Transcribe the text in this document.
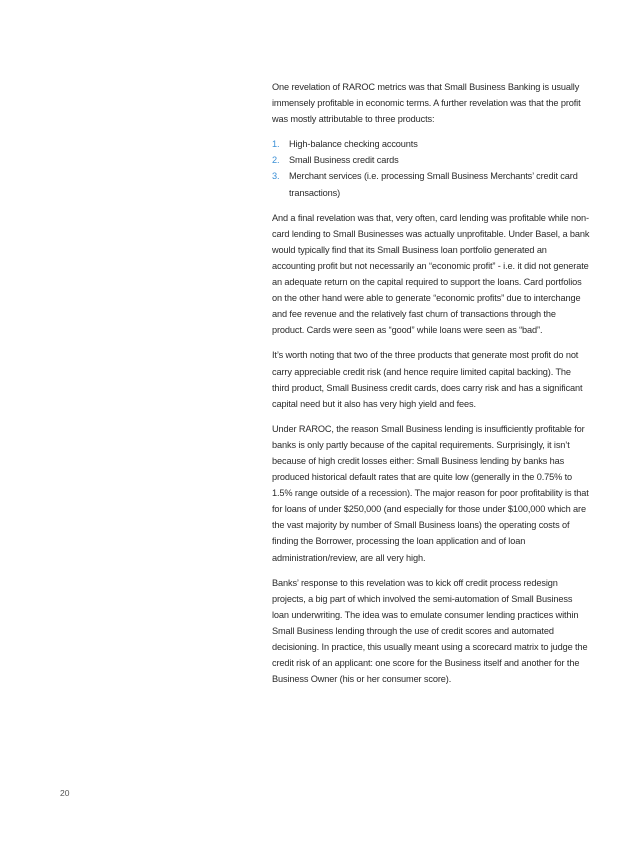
One revelation of RAROC metrics was that Small Business Banking is usually immensely profitable in economic terms. A further revelation was that the profit was mostly attributable to three products:

1. High-balance checking accounts
2. Small Business credit cards
3. Merchant services (i.e. processing Small Business Merchants’ credit card transactions)

And a final revelation was that, very often, card lending was profitable while non-card lending to Small Businesses was actually unprofitable. Under Basel, a bank would typically find that its Small Business loan portfolio generated an accounting profit but not necessarily an “economic profit” - i.e. it did not generate an adequate return on the capital required to support the loans. Card portfolios on the other hand were able to generate “economic profits” due to interchange and fee revenue and the relatively fast churn of transactions through the product. Cards were seen as “good” while loans were seen as “bad”.

It’s worth noting that two of the three products that generate most profit do not carry appreciable credit risk (and hence require limited capital backing). The third product, Small Business credit cards, does carry risk and has a significant capital need but it also has very high yield and fees.

Under RAROC, the reason Small Business lending is insufficiently profitable for banks is only partly because of the capital requirements. Surprisingly, it isn’t because of high credit losses either: Small Business lending by banks has produced historical default rates that are quite low (generally in the 0.75% to 1.5% range outside of a recession). The major reason for poor profitability is that for loans of under $250,000 (and especially for those under $100,000 which are the vast majority by number of Small Business loans) the operating costs of finding the Borrower, processing the loan application and of loan administration/review, are all very high.

Banks’ response to this revelation was to kick off credit process redesign projects, a big part of which involved the semi-automation of Small Business loan underwriting. The idea was to emulate consumer lending practices within Small Business lending through the use of credit scores and automated decisioning. In practice, this usually meant using a scorecard matrix to judge the credit risk of an applicant: one score for the Business itself and another for the Business Owner (his or her consumer score).

20
